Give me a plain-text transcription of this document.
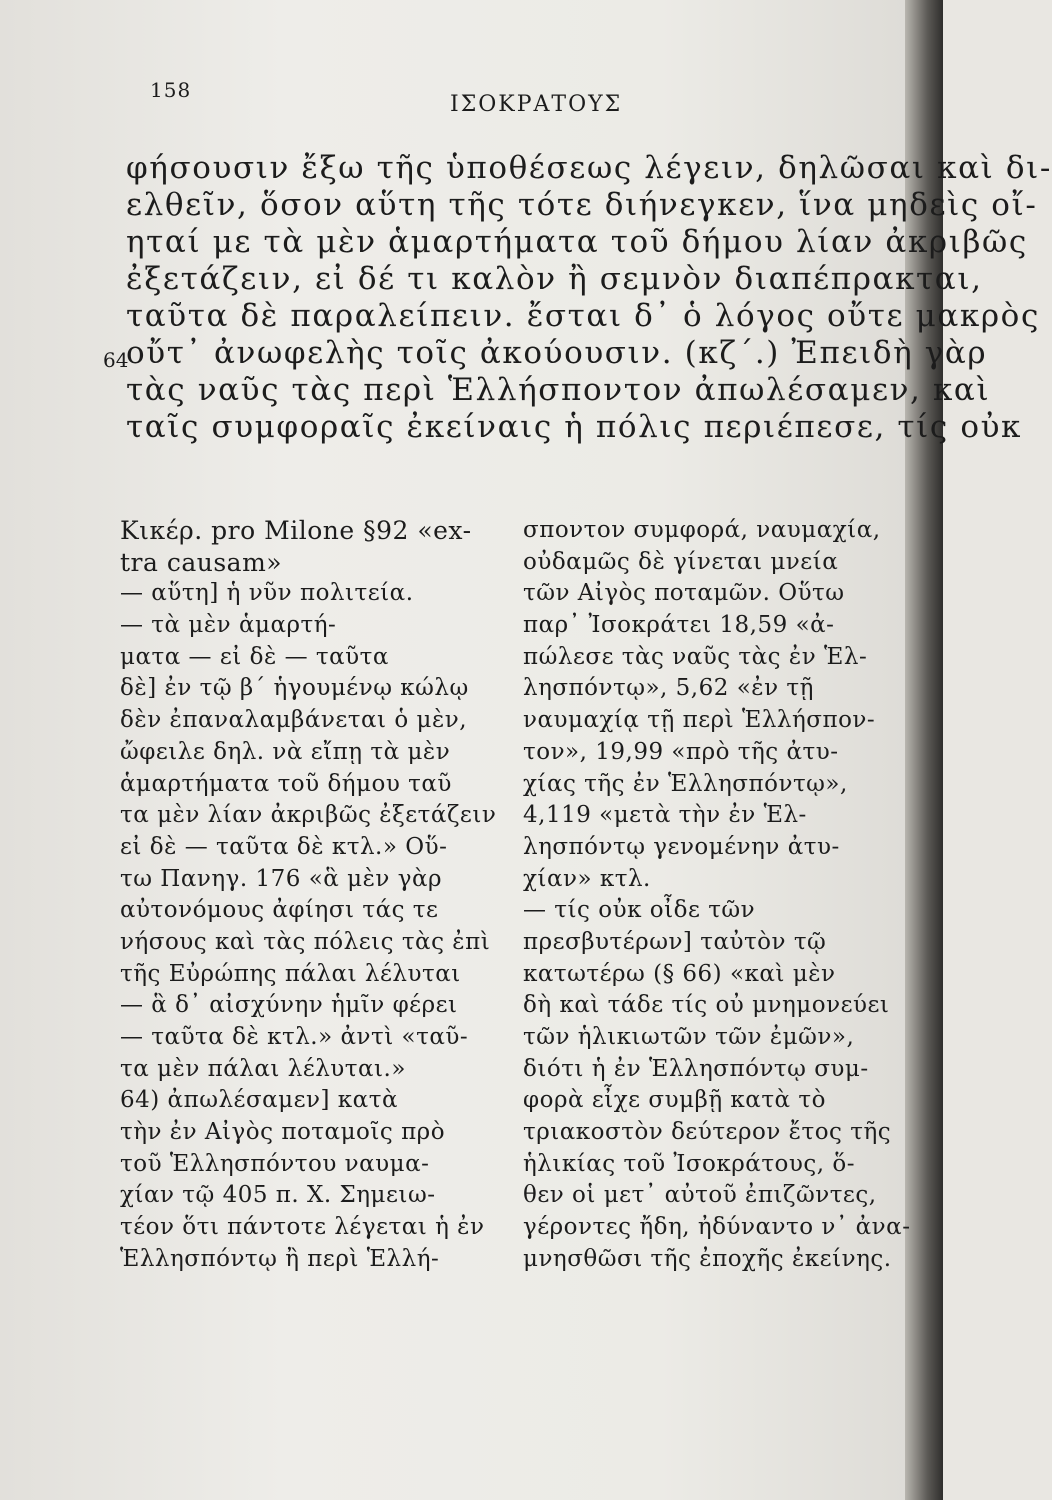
158
ΙΣΟΚΡΑΤΟΥΣ
64
φήσουσιν ἔξω τῆς ὑποθέσεως λέγειν, δηλῶσαι καὶ δι-
ελθεῖν, ὅσον αὕτη τῆς τότε διήνεγκεν, ἵνα μηδεὶς οἴ-
ηταί με τὰ μὲν ἁμαρτήματα τοῦ δήμου λίαν ἀκριβῶς
ἐξετάζειν, εἰ δέ τι καλὸν ἢ σεμνὸν διαπέπρακται,
ταῦτα δὲ παραλείπειν. ἔσται δ᾿ ὁ λόγος οὔτε μακρὸς
οὔτ᾿ ἀνωφελὴς τοῖς ἀκούουσιν. (κζ΄.) Ἐπειδὴ γὰρ
τὰς ναῦς τὰς περὶ Ἑλλήσποντον ἀπωλέσαμεν, καὶ
ταῖς συμφοραῖς ἐκείναις ἡ πόλις περιέπεσε, τίς οὐκ
Κικέρ. pro Milone §92 «ex-
tra causam»
— αὕτη] ἡ νῦν πολιτεία.
— τὰ μὲν ἁμαρτή-
ματα — εἰ δὲ — ταῦτα
δὲ] ἐν τῷ β΄ ἡγουμένῳ κώλῳ
δὲν ἐπαναλαμβάνεται ὁ μὲν,
ὤφειλε δηλ. νὰ εἴπῃ τὰ μὲν
ἁμαρτήματα τοῦ δήμου ταῦ
τα μὲν λίαν ἀκριβῶς ἐξετάζειν
εἰ δὲ — ταῦτα δὲ κτλ.» Οὕ-
τω Πανηγ. 176 «ἃ μὲν γὰρ
αὐτονόμους ἀφίησι τάς τε
νήσους καὶ τὰς πόλεις τὰς ἐπὶ
τῆς Εὐρώπης πάλαι λέλυται
— ἃ δ᾿ αἰσχύνην ἡμῖν φέρει
— ταῦτα δὲ κτλ.» ἀντὶ «ταῦ-
τα μὲν πάλαι λέλυται.»
64) ἀπωλέσαμεν] κατὰ
τὴν ἐν Αἰγὸς ποταμοῖς πρὸ
τοῦ Ἑλλησπόντου ναυμα-
χίαν τῷ 405 π. Χ. Σημειω-
τέον ὅτι πάντοτε λέγεται ἡ ἐν
Ἑλλησπόντῳ ἢ περὶ Ἑλλή-
σποντον συμφορά, ναυμαχία,
οὐδαμῶς δὲ γίνεται μνεία
τῶν Αἰγὸς ποταμῶν. Οὕτω
παρ᾿ Ἰσοκράτει 18,59 «ἀ-
πώλεσε τὰς ναῦς τὰς ἐν Ἑλ-
λησπόντῳ», 5,62 «ἐν τῇ
ναυμαχίᾳ τῇ περὶ Ἑλλήσπον-
τον», 19,99 «πρὸ τῆς ἀτυ-
χίας τῆς ἐν Ἑλλησπόντῳ»,
4,119 «μετὰ τὴν ἐν Ἑλ-
λησπόντῳ γενομένην ἀτυ-
χίαν» κτλ.
— τίς οὐκ οἶδε τῶν
πρεσβυτέρων] ταὐτὸν τῷ
κατωτέρω (§ 66) «καὶ μὲν
δὴ καὶ τάδε τίς οὐ μνημονεύει
τῶν ἡλικιωτῶν τῶν ἐμῶν»,
διότι ἡ ἐν Ἑλλησπόντῳ συμ-
φορὰ εἶχε συμβῇ κατὰ τὸ
τριακοστὸν δεύτερον ἔτος τῆς
ἡλικίας τοῦ Ἰσοκράτους, ὅ-
θεν οἱ μετ᾿ αὐτοῦ ἐπιζῶντες,
γέροντες ἤδη, ἠδύναντο ν᾿ ἀνα-
μνησθῶσι τῆς ἐποχῆς ἐκείνης.
